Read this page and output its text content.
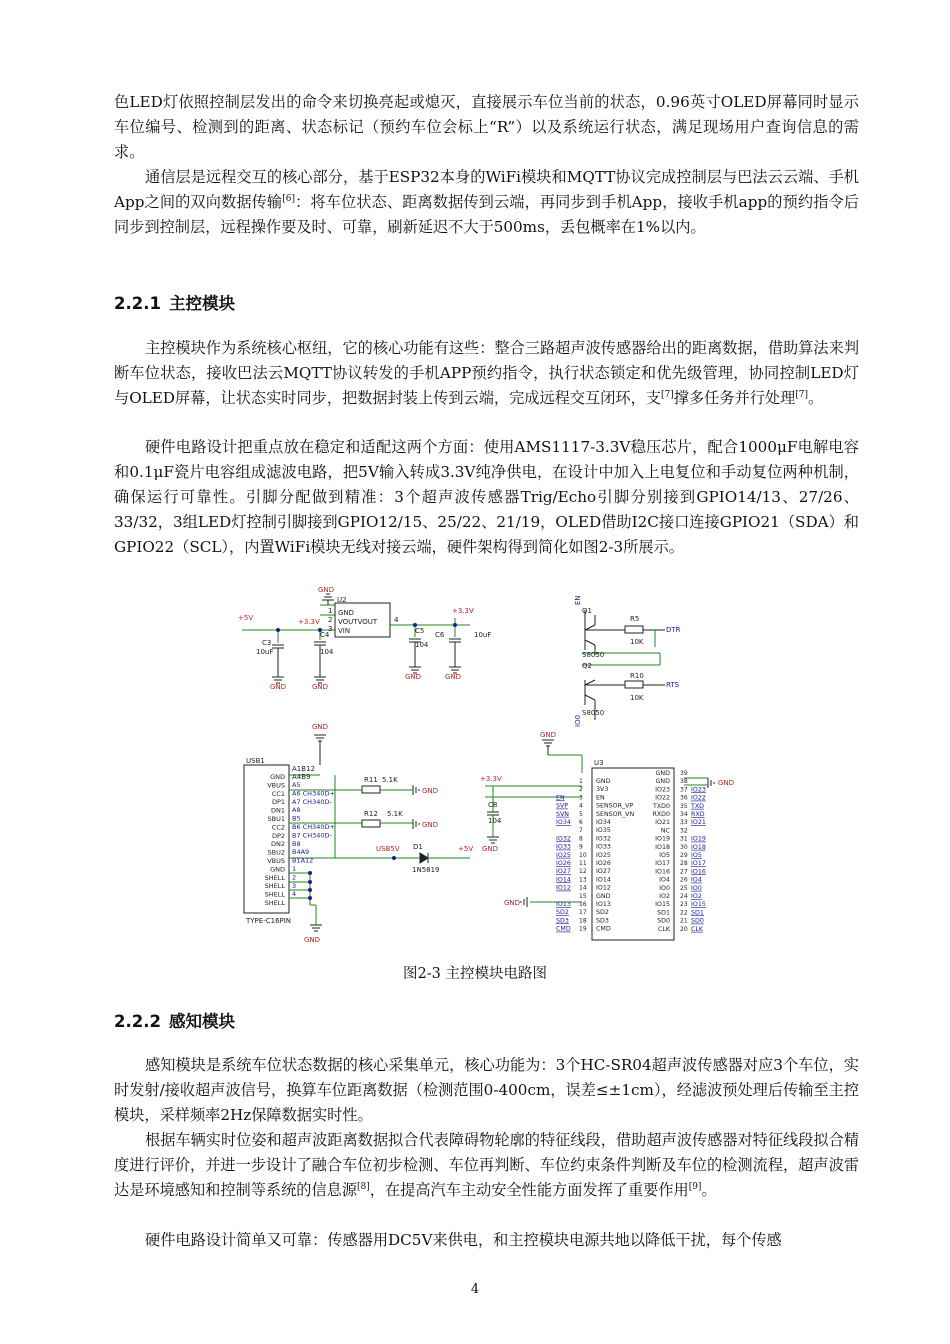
色LED灯依照控制层发出的命令来切换亮起或熄灭，直接展示车位当前的状态，0.96英寸OLED屏幕同时显示车位编号、检测到的距离、状态标记（预约车位会标上“R”）以及系统运行状态，满足现场用户查询信息的需求。

通信层是远程交互的核心部分，基于ESP32本身的WiFi模块和MQTT协议完成控制层与巴法云云端、手机App之间的双向数据传输[6]：将车位状态、距离数据传到云端，再同步到手机App，接收手机app的预约指令后同步到控制层，远程操作要及时、可靠，刷新延迟不大于500ms，丢包概率在1%以内。

2.2.1 主控模块

主控模块作为系统核心枢纽，它的核心功能有这些：整合三路超声波传感器给出的距离数据，借助算法来判断车位状态，接收巴法云MQTT协议转发的手机APP预约指令，执行状态锁定和优先级管理，协同控制LED灯与OLED屏幕，让状态实时同步，把数据封装上传到云端，完成远程交互闭环，支[7]撑多任务并行处理[7]。

硬件电路设计把重点放在稳定和适配这两个方面：使用AMS1117-3.3V稳压芯片，配合1000μF电解电容和0.1μF瓷片电容组成滤波电路，把5V输入转成3.3V纯净供电，在设计中加入上电复位和手动复位两种机制，确保运行可靠性。引脚分配做到精准：3个超声波传感器Trig/Echo引脚分别接到GPIO14/13、27/26、33/32，3组LED灯控制引脚接到GPIO12/15、25/22、21/19，OLED借助I2C接口连接GPIO21（SDA）和GPIO22（SCL），内置WiFi模块无线对接云端，硬件架构得到简化如图2-3所展示。

GND
+5V	+3.3V
+3.3V
GND	GND
GND	GND
U2
GND
VOUTVOUT
VIN
1
2
3
4
C3
10uF
C4
104
C5
104
C6	10uF
EN
Q1
Q2
R5
10K
R10
10K
DTR
RTS
S8050
S8050
IO0
GND
USB1
A1B12
A4B9
GND
VBUS
CC1
DP1
DN1
SBU1
CC2
DP2
DN2
SBU2
VBUS
GND
SHELL
SHELL
SHELL
SHELL
A5
A6 CH340D+
A7 CH340D-
A8
B5
B6 CH340D+
B7 CH340D-
B8
B4A9
B1A12
1
2
3
4
R11 5.1K
R12 5.1K
GND
GND
USB5V D1
1N5819
+5V
TYPE-C16PIN
GND
1 GND
2 3V3
3 EN
EN
4 SENSOR_VP
SVP
5 SENSOR_VN
SVN
6 IO34
IO34
7 IO35
8 IO32
IO32
9 IO33
IO33
10 IO25
IO25
11 IO26
IO26
12 IO27
IO27
13 IO14
IO14
14 IO12
IO12
15 GND
16 IO13
IO13
17 SD2
SD2
18 SD3
SD3
19 CMD
CMD
GND 39
GND 38
IO23 37 IO23
IO22 36 IO22
TXD0 35 TXD
RXD0 34 RXD
IO21 33 IO21
NC 32
IO19 31 IO19
IO18 30 IO18
IO5 29 IO5
IO17 28 IO17
IO16 27 IO16
IO4 26 IO4
IO0 25 IO0
IO2 24 IO2
IO15 23 IO15
SD1 22 SD1
SD0 21 SD0
CLK 20 CLK
GND
U3
+3.3V
C8
104
GND
GND
GND
图2-3 主控模块电路图
2.2.2 感知模块

感知模块是系统车位状态数据的核心采集单元，核心功能为：3个HC-SR04超声波传感器对应3个车位，实时发射/接收超声波信号，换算车位距离数据（检测范围0-400cm，误差≤±1cm），经滤波预处理后传输至主控模块，采样频率2Hz保障数据实时性。

根据车辆实时位姿和超声波距离数据拟合代表障碍物轮廓的特征线段，借助超声波传感器对特征线段拟合精度进行评价，并进一步设计了融合车位初步检测、车位再判断、车位约束条件判断及车位的检测流程，超声波雷达是环境感知和控制等系统的信息源[8]，在提高汽车主动安全性能方面发挥了重要作用[9]。

硬件电路设计简单又可靠：传感器用DC5V来供电，和主控模块电源共地以降低干扰，每个传感

4
